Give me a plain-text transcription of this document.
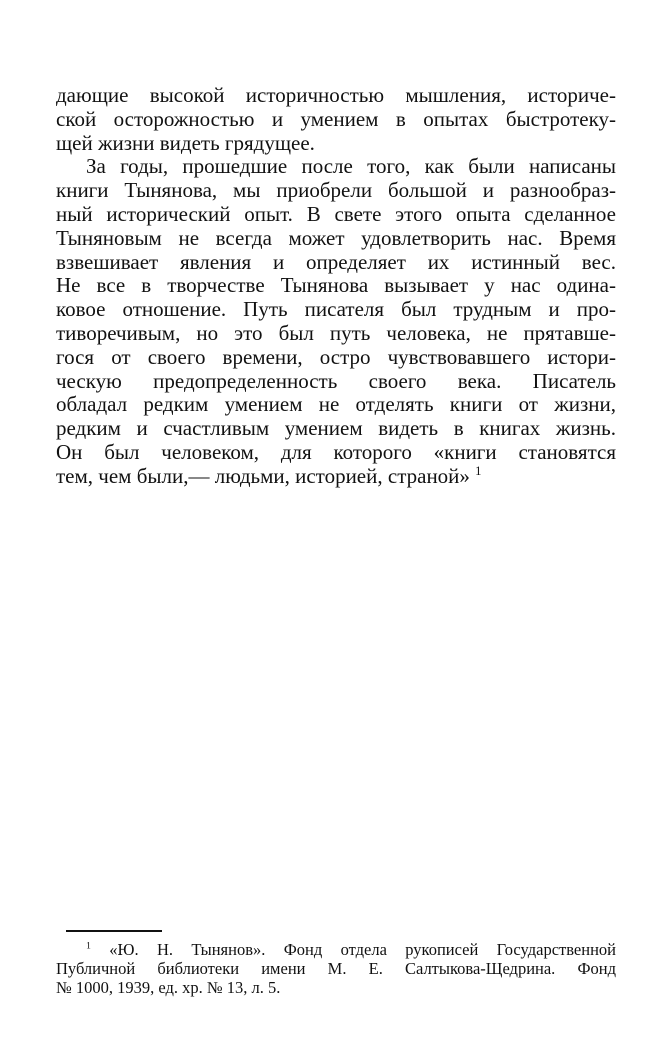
дающие высокой историчностью мышления, историче-
ской осторожностью и умением в опытах быстротеку-
щей жизни видеть грядущее.
За годы, прошедшие после того, как были написаны
книги Тынянова, мы приобрели большой и разнообраз-
ный исторический опыт. В свете этого опыта сделанное
Тыняновым не всегда может удовлетворить нас. Время
взвешивает явления и определяет их истинный вес.
Не все в творчестве Тынянова вызывает у нас одина-
ковое отношение. Путь писателя был трудным и про-
тиворечивым, но это был путь человека, не прятавше-
гося от своего времени, остро чувствовавшего истори-
ческую предопределенность своего века. Писатель
обладал редким умением не отделять книги от жизни,
редким и счастливым умением видеть в книгах жизнь.
Он был человеком, для которого «книги становятся
тем, чем были,— людьми, историей, страной» $^1$
$^1$ «Ю. Н. Тынянов». Фонд отдела рукописей Государственной
Публичной библиотеки имени М. Е. Салтыкова-Щедрина. Фонд
№ 1000, 1939, ед. хр. № 13, л. 5.
